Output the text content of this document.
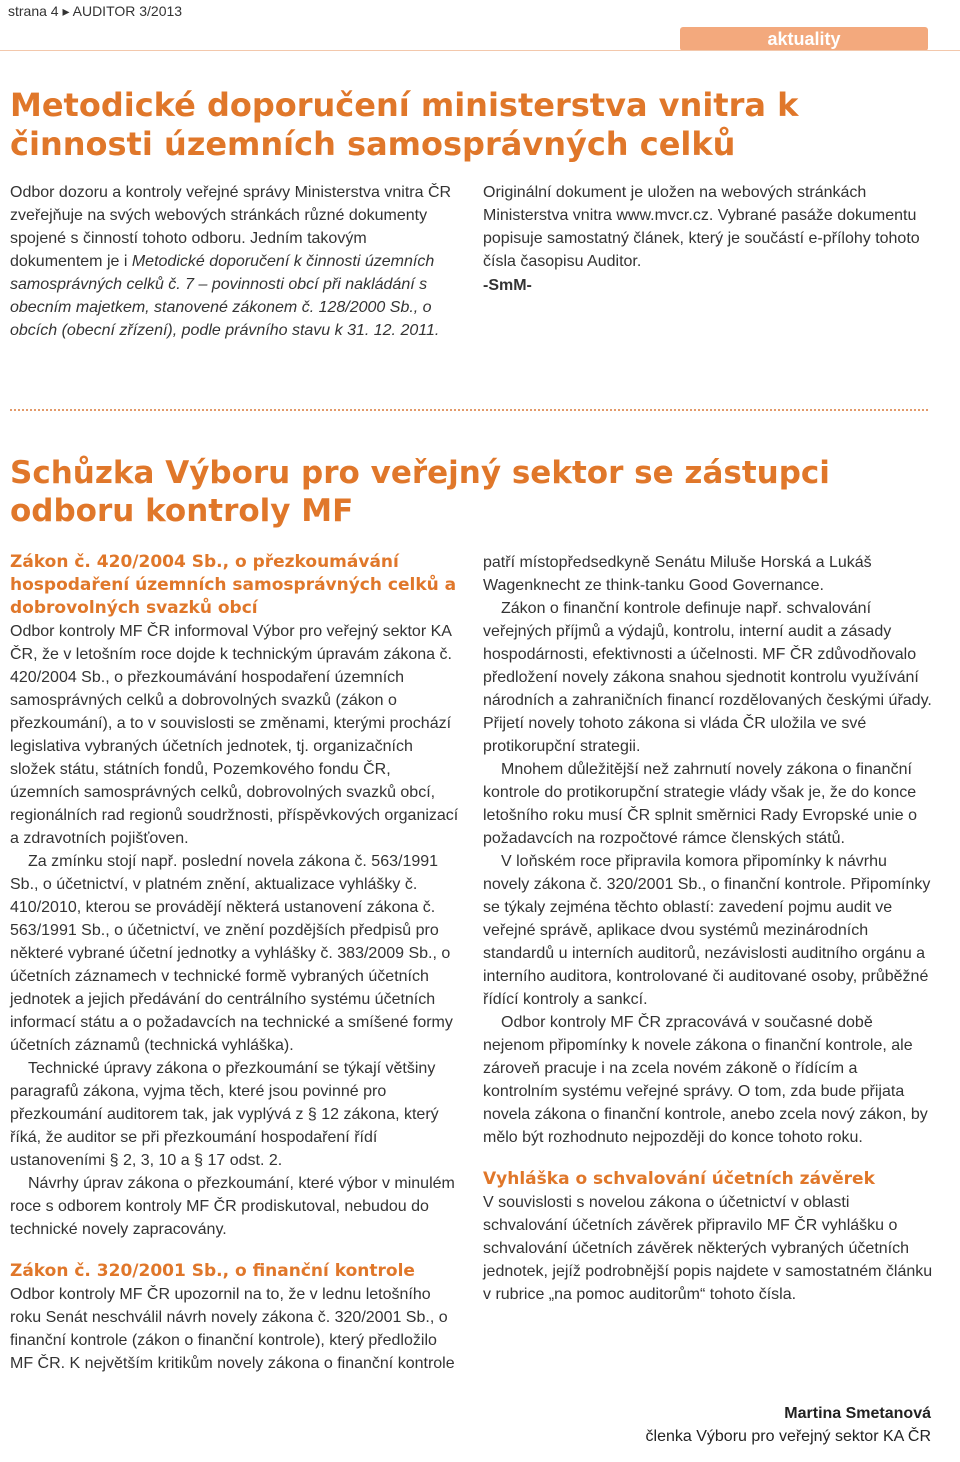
strana 4 ▸ AUDITOR 3/2013
aktuality
Metodické doporučení ministerstva vnitra k činnosti územních samosprávných celků

Odbor dozoru a kontroly veřejné správy Ministerstva vnitra ČR zveřejňuje na svých webových stránkách různé dokumenty spojené s činností tohoto odboru. Jedním takovým dokumentem je i Metodické doporučení k činnosti územních samosprávných celků č. 7 – povinnosti obcí při nakládání s obecním majetkem, stanovené zákonem č. 128/2000 Sb., o obcích (obecní zřízení), podle právního stavu k 31. 12. 2011.

Originální dokument je uložen na webových stránkách Ministerstva vnitra www.mvcr.cz. Vybrané pasáže dokumentu popisuje samostatný článek, který je součástí e-přílohy tohoto čísla časopisu Auditor.

-SmM-

Schůzka Výboru pro veřejný sektor se zástupci odboru kontroly MF

Zákon č. 420/2004 Sb., o přezkoumávání hospodaření územních samosprávných celků a dobrovolných svazků obcí

Odbor kontroly MF ČR informoval Výbor pro veřejný sektor KA ČR, že v letošním roce dojde k technickým úpravám zákona č. 420/2004 Sb., o přezkoumávání hospodaření územních samosprávných celků a dobrovolných svazků (zákon o přezkoumání), a to v souvislosti se změnami, kterými prochází legislativa vybraných účetních jednotek, tj. organizačních složek státu, státních fondů, Pozemkového fondu ČR, územních samosprávných celků, dobrovolných svazků obcí, regionálních rad regionů soudržnosti, příspěvkových organizací a zdravotních pojišťoven.

Za zmínku stojí např. poslední novela zákona č. 563/1991 Sb., o účetnictví, v platném znění, aktualizace vyhlášky č. 410/2010, kterou se provádějí některá ustanovení zákona č. 563/1991 Sb., o účetnictví, ve znění pozdějších předpisů pro některé vybrané účetní jednotky a vyhlášky č. 383/2009 Sb., o účetních záznamech v technické formě vybraných účetních jednotek a jejich předávání do centrálního systému účetních informací státu a o požadavcích na technické a smíšené formy účetních záznamů (technická vyhláška).

Technické úpravy zákona o přezkoumání se týkají většiny paragrafů zákona, vyjma těch, které jsou povinné pro přezkoumání auditorem tak, jak vyplývá z § 12 zákona, který říká, že auditor se při přezkoumání hospodaření řídí ustanoveními § 2, 3, 10 a § 17 odst. 2.

Návrhy úprav zákona o přezkoumání, které výbor v minulém roce s odborem kontroly MF ČR prodiskutoval, nebudou do technické novely zapracovány.

Zákon č. 320/2001 Sb., o finanční kontrole

Odbor kontroly MF ČR upozornil na to, že v lednu letošního roku Senát neschválil návrh novely zákona č. 320/2001 Sb., o finanční kontrole (zákon o finanční kontrole), který předložilo MF ČR. K největším kritikům novely zákona o finanční kontrole

patří místopředsedkyně Senátu Miluše Horská a Lukáš Wagenknecht ze think-tanku Good Governance.

Zákon o finanční kontrole definuje např. schvalování veřejných příjmů a výdajů, kontrolu, interní audit a zásady hospodárnosti, efektivnosti a účelnosti. MF ČR zdůvodňovalo předložení novely zákona snahou sjednotit kontrolu využívání národních a zahraničních financí rozdělovaných českými úřady. Přijetí novely tohoto zákona si vláda ČR uložila ve své protikorupční strategii.

Mnohem důležitější než zahrnutí novely zákona o finanční kontrole do protikorupční strategie vlády však je, že do konce letošního roku musí ČR splnit směrnici Rady Evropské unie o požadavcích na rozpočtové rámce členských států.

V loňském roce připravila komora připomínky k návrhu novely zákona č. 320/2001 Sb., o finanční kontrole. Připomínky se týkaly zejména těchto oblastí: zavedení pojmu audit ve veřejné správě, aplikace dvou systémů mezinárodních standardů u interních auditorů, nezávislosti auditního orgánu a interního auditora, kontrolované či auditované osoby, průběžné řídící kontroly a sankcí.

Odbor kontroly MF ČR zpracovává v současné době nejenom připomínky k novele zákona o finanční kontrole, ale zároveň pracuje i na zcela novém zákoně o řídícím a kontrolním systému veřejné správy. O tom, zda bude přijata novela zákona o finanční kontrole, anebo zcela nový zákon, by mělo být rozhodnuto nejpozději do konce tohoto roku.

Vyhláška o schvalování účetních závěrek

V souvislosti s novelou zákona o účetnictví v oblasti schvalování účetních závěrek připravilo MF ČR vyhlášku o schvalování účetních závěrek některých vybraných účetních jednotek, jejíž podrobnější popis najdete v samostatném článku v rubrice „na pomoc auditorům“ tohoto čísla.

Martina Smetanová
členka Výboru pro veřejný sektor KA ČR
